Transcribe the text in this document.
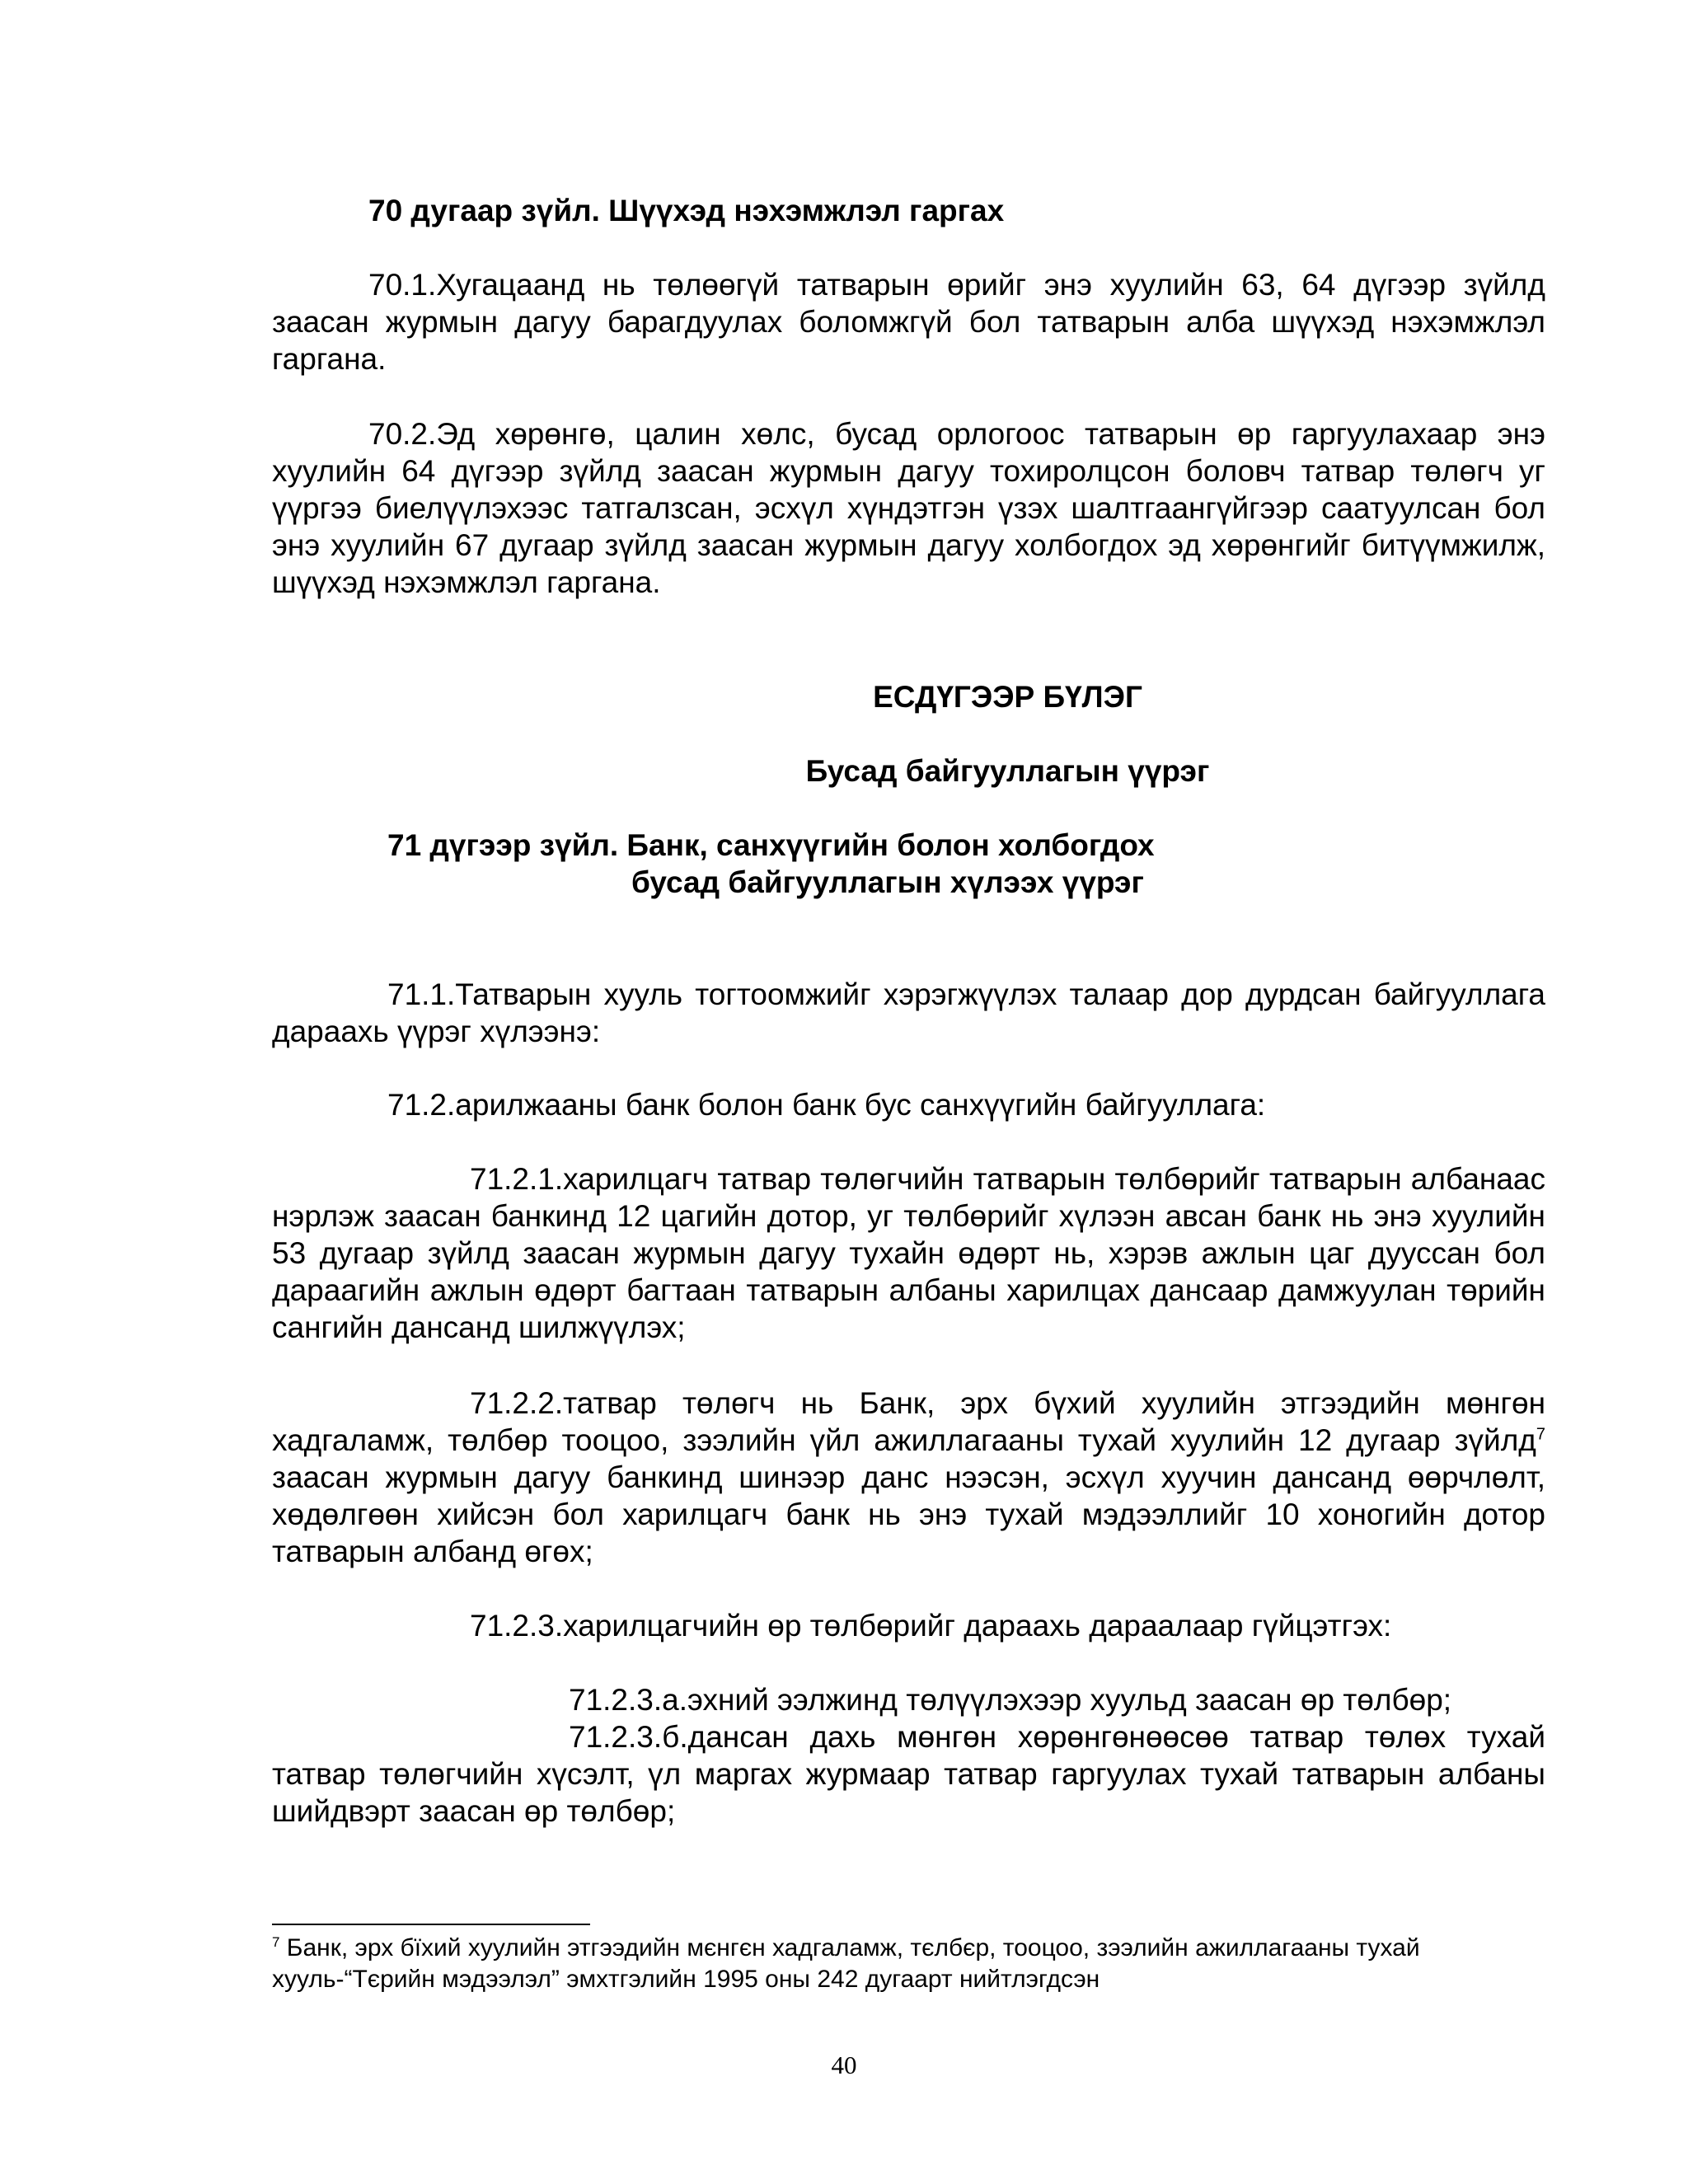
70 дугаар зүйл. Шүүхэд нэхэмжлэл гаргах

70.1.Хугацаанд нь төлөөгүй татварын өрийг энэ хуулийн 63, 64 дүгээр зүйлд заасан журмын дагуу барагдуулах боломжгүй бол татварын алба шүүхэд нэхэмжлэл гаргана.

70.2.Эд хөрөнгө, цалин хөлс, бусад орлогоос татварын өр гаргуулахаар энэ хуулийн 64 дүгээр зүйлд заасан журмын дагуу тохиролцсон боловч татвар төлөгч уг үүргээ биелүүлэхээс татгалзсан, эсхүл хүндэтгэн үзэх шалтгаангүйгээр саатуулсан бол энэ хуулийн 67 дугаар зүйлд заасан журмын дагуу холбогдох эд хөрөнгийг битүүмжилж, шүүхэд нэхэмжлэл гаргана.

ЕСДҮГЭЭР БҮЛЭГ

Бусад байгууллагын үүрэг

71 дүгээр зүйл. Банк, санхүүгийн болон холбогдох

бусад байгууллагын хүлээх үүрэг

71.1.Татварын хууль тогтоомжийг хэрэгжүүлэх талаар дор дурдсан байгууллага дараахь үүрэг хүлээнэ:

71.2.арилжааны банк болон банк бус санхүүгийн байгууллага:

71.2.1.харилцагч татвар төлөгчийн татварын төлбөрийг татварын албанаас нэрлэж заасан банкинд 12 цагийн дотор, уг төлбөрийг хүлээн авсан банк нь энэ хуулийн 53 дугаар зүйлд заасан журмын дагуу тухайн өдөрт нь, хэрэв ажлын цаг дууссан бол дараагийн ажлын өдөрт багтаан татварын албаны харилцах дансаар дамжуулан төрийн сангийн дансанд шилжүүлэх;

71.2.2.татвар төлөгч нь Банк, эрх бүхий хуулийн этгээдийн мөнгөн хадгаламж, төлбөр тооцоо, зээлийн үйл ажиллагааны тухай хуулийн 12 дугаар зүйлд$^7$ заасан журмын дагуу банкинд шинээр данс нээсэн, эсхүл хуучин дансанд өөрчлөлт, хөдөлгөөн хийсэн бол харилцагч банк нь энэ тухай мэдээллийг 10 хоногийн дотор татварын албанд өгөх;

71.2.3.харилцагчийн өр төлбөрийг дараахь дараалаар гүйцэтгэх:

71.2.3.а.эхний ээлжинд төлүүлэхээр хуульд заасан өр төлбөр;

71.2.3.б.дансан дахь мөнгөн хөрөнгөнөөсөө татвар төлөх тухай татвар төлөгчийн хүсэлт, үл маргах журмаар татвар гаргуулах тухай татварын албаны шийдвэрт заасан өр төлбөр;

$^7$ Банк, эрх бїхий хуулийн этгээдийн мєнгєн хадгаламж, тєлбєр, тооцоо, зээлийн ажиллагааны тухай хууль-“Тєрийн мэдээлэл” эмхтгэлийн 1995 оны 242 дугаарт нийтлэгдсэн

40
